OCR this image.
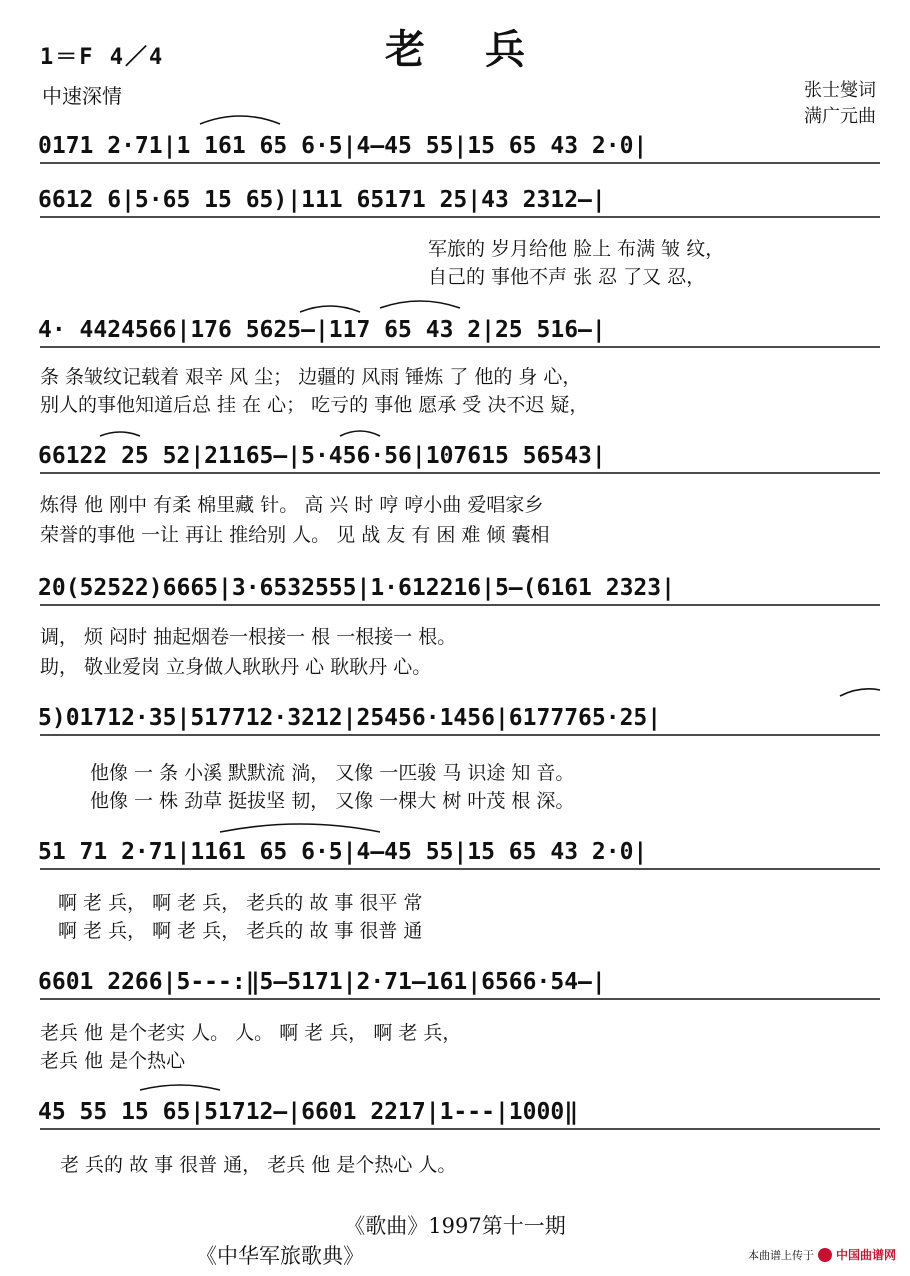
1＝F 4／4	老兵
中速深情	张士燮词
满广元曲
0171 2·71|1 161 65 6·5|4—45 55|15 65 43 2·0|
6612 6|5·65 15 65)|111 65171 25|43 2312—|
军旅的 岁月给他 脸上 布满 皱 纹，
自己的 事他不声 张 忍 了又 忍，
4· 4424566|176 5625—|117 65 43 2|25 516—|
条 条皱纹记载着 艰辛 风 尘； 边疆的 风雨 锤炼 了 他的 身 心，
别人的事他知道后总 挂 在 心； 吃亏的 事他 愿承 受 决不迟 疑，
66122 25 52|21165—|5·456·56|107615 56543|
炼得 他 刚中 有柔 棉里藏 针。 高 兴 时 哼 哼小曲 爱唱家乡
荣誉的事他 一让 再让 推给别 人。 见 战 友 有 困 难 倾 囊相
20(52522)6665|3·6532555|1·612216|5—(6161 2323|
调， 烦 闷时 抽起烟卷一根接一 根 一根接一 根。
助， 敬业爱岗 立身做人耿耿丹 心 耿耿丹 心。
5)01712·35|517712·3212|25456·1456|6177765·25|
他像 一 条 小溪 默默流 淌， 又像 一匹骏 马 识途 知 音。
他像 一 株 劲草 挺拔坚 韧， 又像 一棵大 树 叶茂 根 深。
51 71 2·71|1161 65 6·5|4—45 55|15 65 43 2·0|
啊 老 兵， 啊 老 兵， 老兵的 故 事 很平 常
啊 老 兵， 啊 老 兵， 老兵的 故 事 很普 通
6601 2266|5---:‖5—5171|2·71—161|6566·54—|
老兵 他 是个老实 人。 人。 啊 老 兵， 啊 老 兵，
老兵 他 是个热心
45 55 15 65|51712—|6601 2217|1---|1000‖
老 兵的 故 事 很普 通， 老兵 他 是个热心 人。
《歌曲》1997第十一期
《中华军旅歌典》	本曲谱上传于 中国曲谱网
